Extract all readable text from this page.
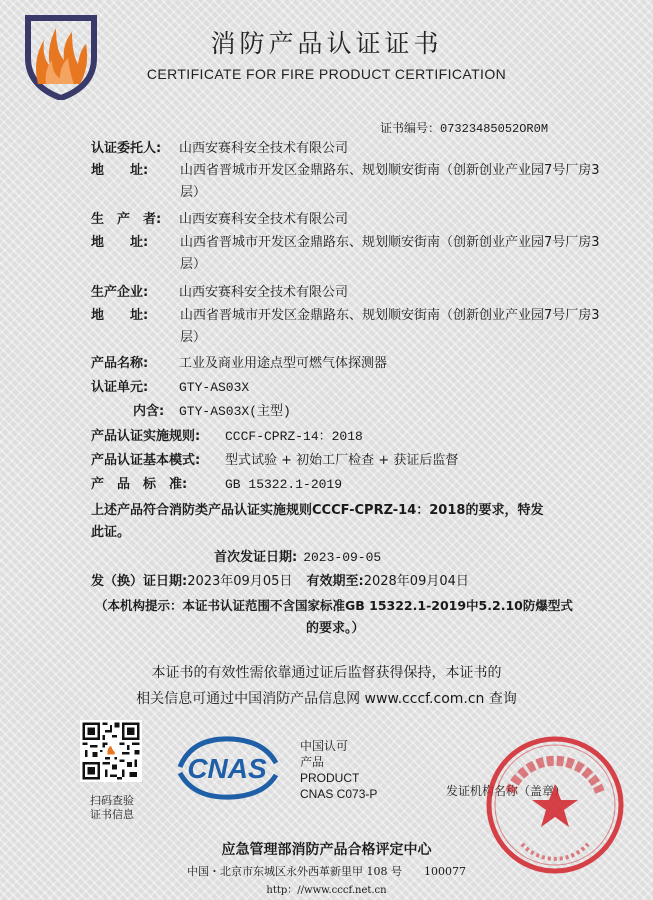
消防产品认证证书
CERTIFICATE FOR FIRE PRODUCT CERTIFICATION
证书编号：07323485052OR0M
认证委托人: 山西安赛科安全技术有限公司
地　　址:	山西省晋城市开发区金鼎路东、规划顺安街南（创新创业产业园7号厂房3层）
生　产　者: 山西安赛科安全技术有限公司
地　　址:	山西省晋城市开发区金鼎路东、规划顺安街南（创新创业产业园7号厂房3层）
生产企业: 山西安赛科安全技术有限公司
地　　址:	山西省晋城市开发区金鼎路东、规划顺安街南（创新创业产业园7号厂房3层）
产品名称: 工业及商业用途点型可燃气体探测器
认证单元: GTY-AS03X
内含: GTY-AS03X(主型)
产品认证实施规则: CCCF-CPRZ-14：2018
产品认证基本模式: 型式试验 + 初始工厂检查 + 获证后监督
产　品　标　准:	GB 15322.1-2019
上述产品符合消防类产品认证实施规则CCCF-CPRZ-14：2018的要求，特发
此证。
首次发证日期: 2023-09-05
发（换）证日期:2023年09月05日 有效期至:2028年09月04日
（本机构提示：本证书认证范围不含国家标准GB 15322.1-2019中5.2.10防爆型式
的要求。）
本证书的有效性需依靠通过证后监督获得保持，本证书的
相关信息可通过中国消防产品信息网 www.cccf.com.cn 查询
扫码查验
证书信息
CNAS
中国认可
产品
PRODUCT
CNAS C073-P	发证机构名称（盖章）
应急管理部消防产品合格评定中心
中国・北京市东城区永外西革新里甲 108 号　　100077
http：//www.cccf.net.cn
